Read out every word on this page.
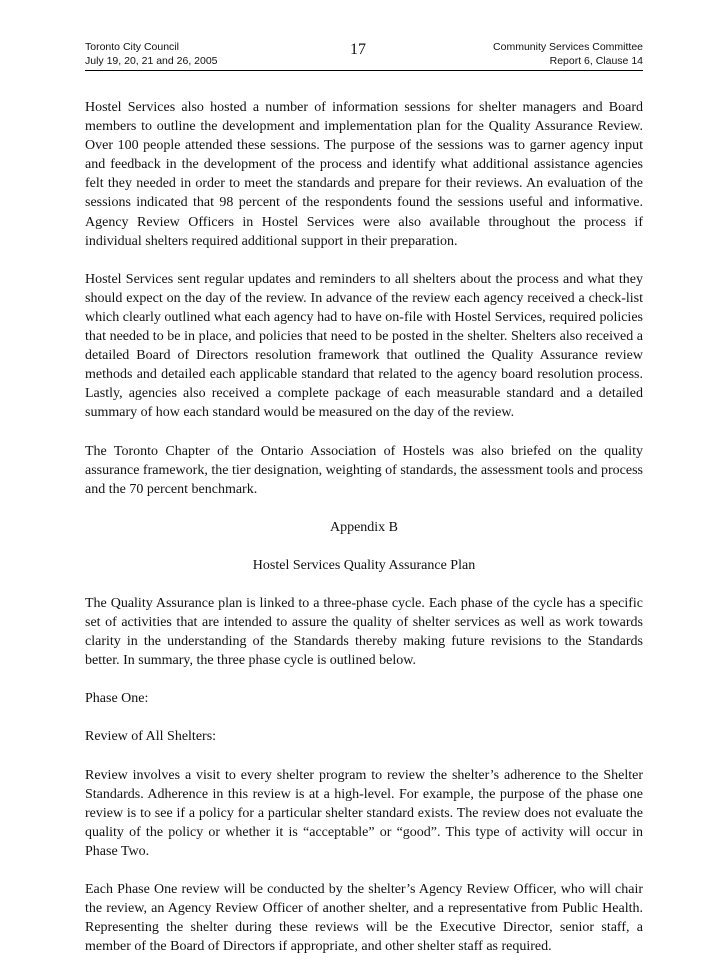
Toronto City Council
July 19, 20, 21 and 26, 2005
17	Community Services Committee
Report 6, Clause 14

Hostel Services also hosted a number of information sessions for shelter managers and Board members to outline the development and implementation plan for the Quality Assurance Review. Over 100 people attended these sessions. The purpose of the sessions was to garner agency input and feedback in the development of the process and identify what additional assistance agencies felt they needed in order to meet the standards and prepare for their reviews. An evaluation of the sessions indicated that 98 percent of the respondents found the sessions useful and informative. Agency Review Officers in Hostel Services were also available throughout the process if individual shelters required additional support in their preparation.

Hostel Services sent regular updates and reminders to all shelters about the process and what they should expect on the day of the review. In advance of the review each agency received a check-list which clearly outlined what each agency had to have on-file with Hostel Services, required policies that needed to be in place, and policies that need to be posted in the shelter. Shelters also received a detailed Board of Directors resolution framework that outlined the Quality Assurance review methods and detailed each applicable standard that related to the agency board resolution process. Lastly, agencies also received a complete package of each measurable standard and a detailed summary of how each standard would be measured on the day of the review.

The Toronto Chapter of the Ontario Association of Hostels was also briefed on the quality assurance framework, the tier designation, weighting of standards, the assessment tools and process and the 70 percent benchmark.

Appendix B

Hostel Services Quality Assurance Plan

The Quality Assurance plan is linked to a three-phase cycle. Each phase of the cycle has a specific set of activities that are intended to assure the quality of shelter services as well as work towards clarity in the understanding of the Standards thereby making future revisions to the Standards better. In summary, the three phase cycle is outlined below.

Phase One:

Review of All Shelters:

Review involves a visit to every shelter program to review the shelter’s adherence to the Shelter Standards. Adherence in this review is at a high-level. For example, the purpose of the phase one review is to see if a policy for a particular shelter standard exists. The review does not evaluate the quality of the policy or whether it is “acceptable” or “good”. This type of activity will occur in Phase Two.

Each Phase One review will be conducted by the shelter’s Agency Review Officer, who will chair the review, an Agency Review Officer of another shelter, and a representative from Public Health. Representing the shelter during these reviews will be the Executive Director, senior staff, a member of the Board of Directors if appropriate, and other shelter staff as required.
